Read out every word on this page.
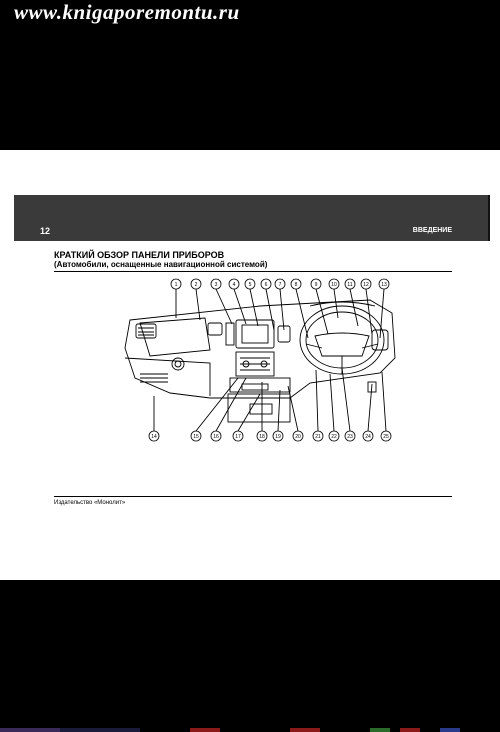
www.knigaporemontu.ru
12	ВВЕДЕНИЕ
КРАТКИЙ ОБЗОР ПАНЕЛИ ПРИБОРОВ
(Автомобили, оснащенные навигационной системой)
1	2	3	4	5	6 7	8	9	10 11 12 13
14	15	16	17	18 19	20	21 22 23 24 25
Издательство «Монолит»
